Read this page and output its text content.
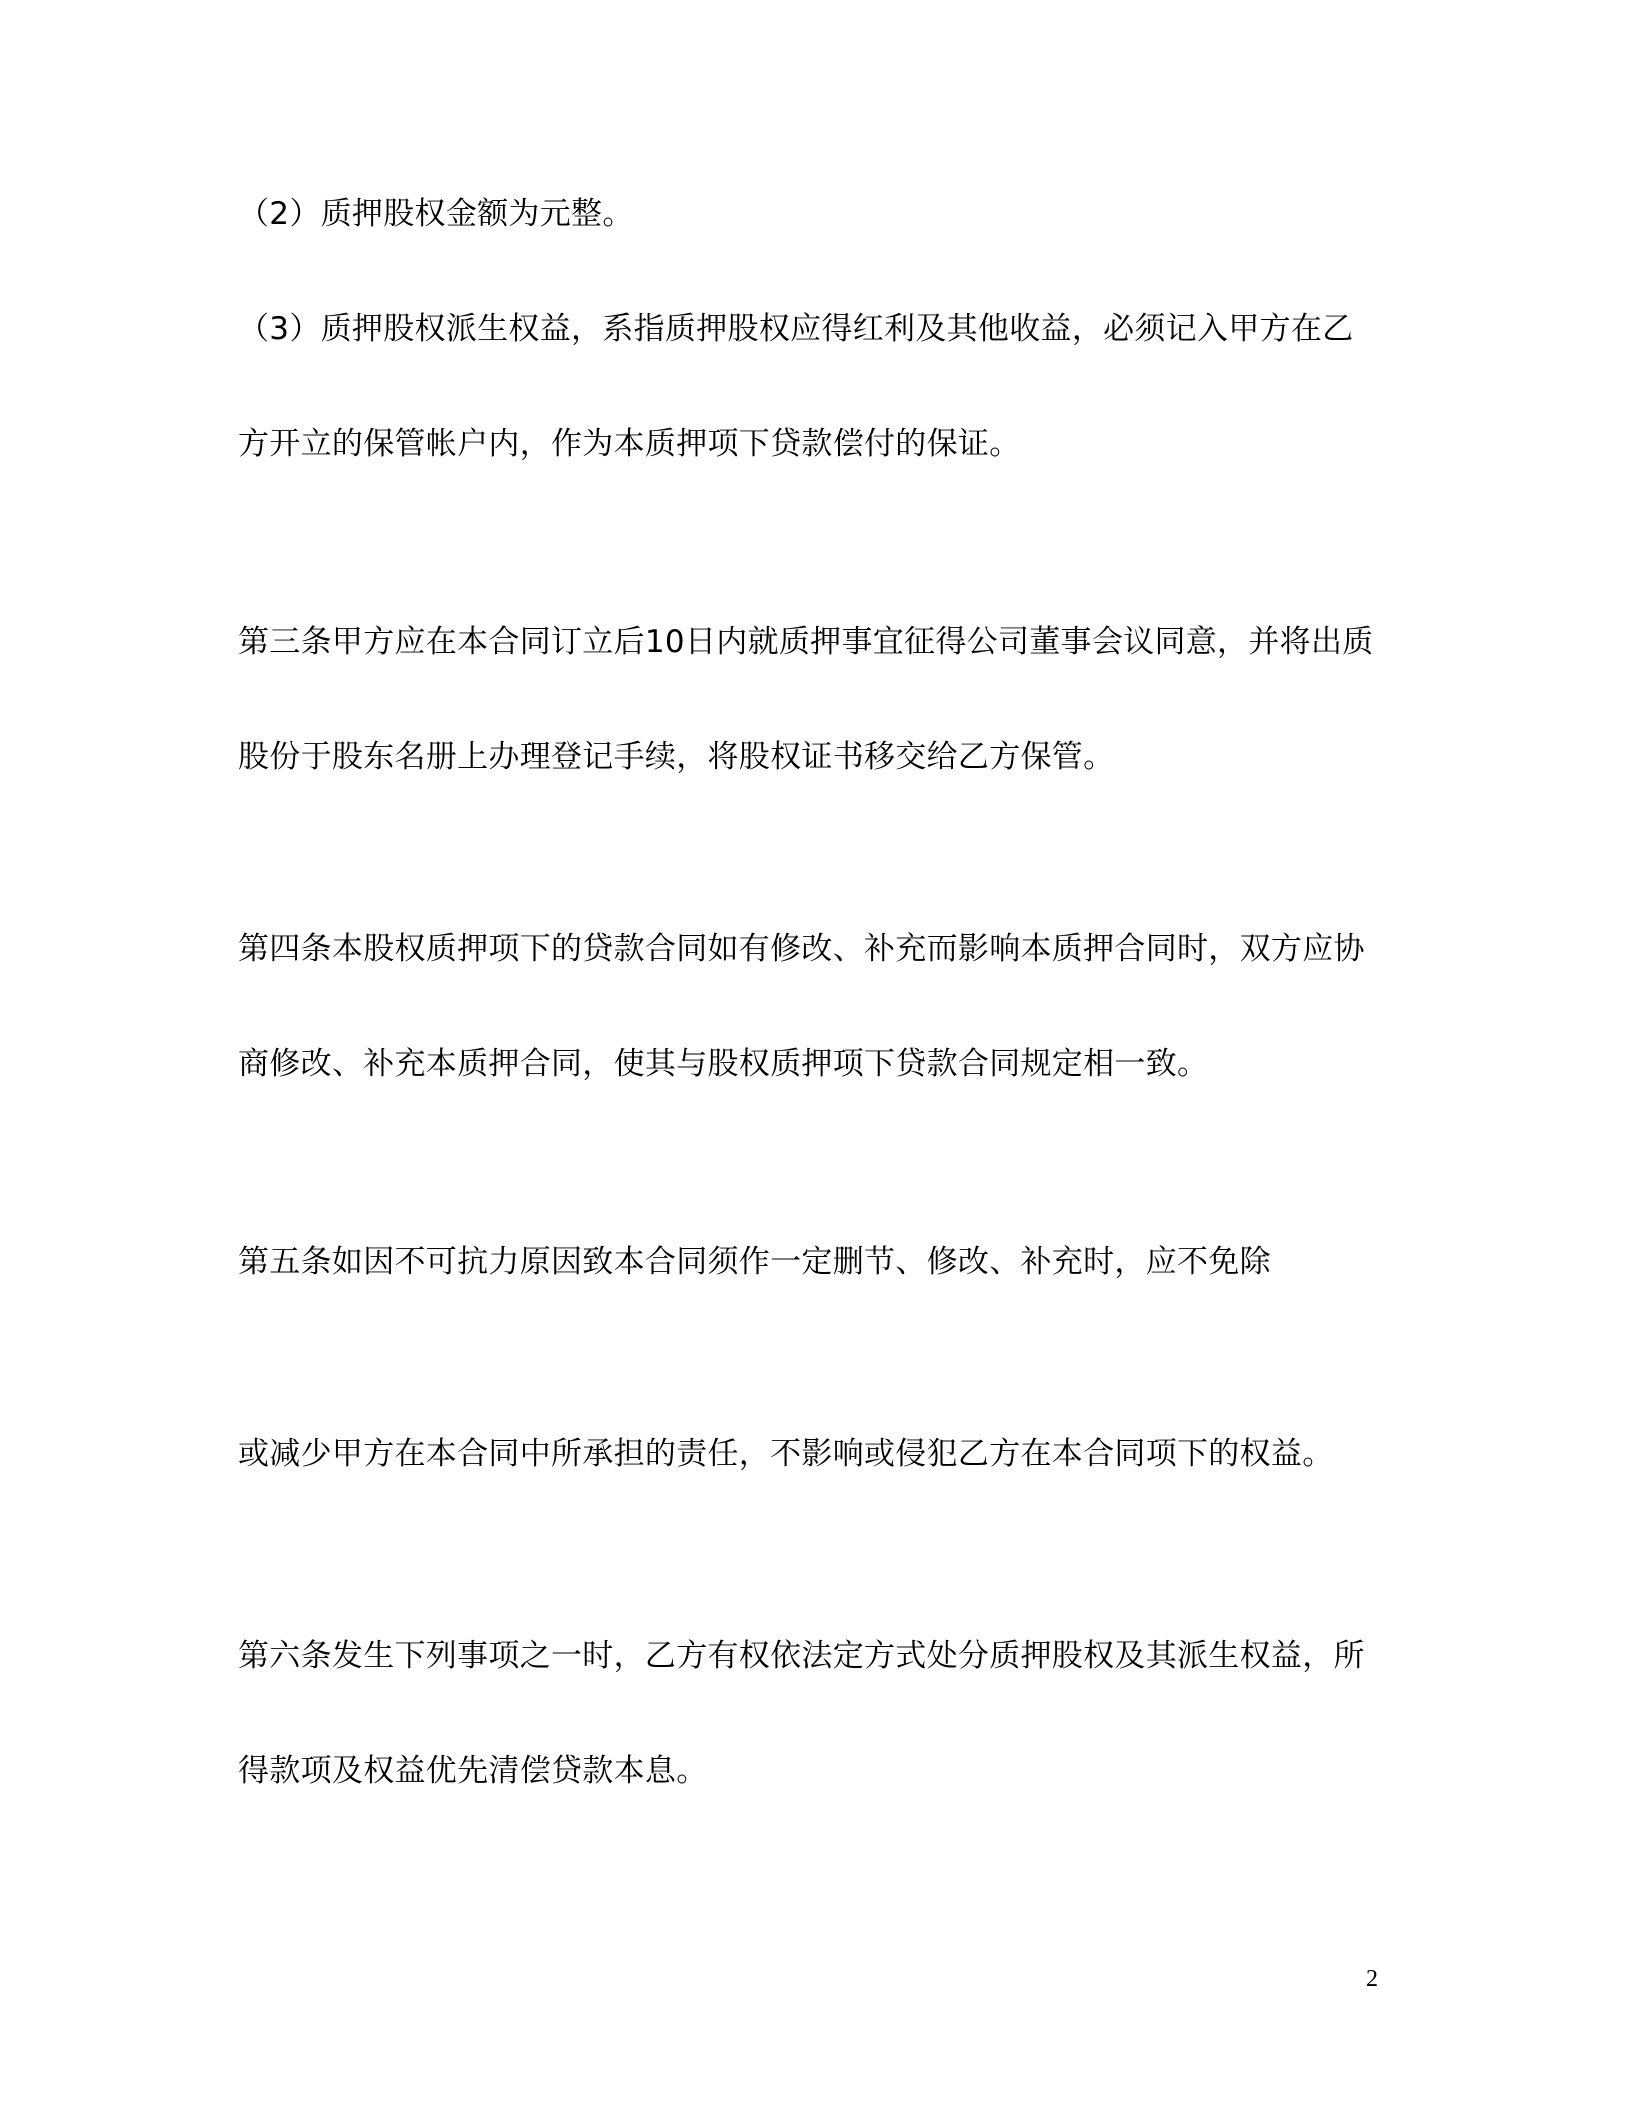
（2）质押股权金额为元整。
（3）质押股权派生权益，系指质押股权应得红利及其他收益，必须记入甲方在乙
方开立的保管帐户内，作为本质押项下贷款偿付的保证。
第三条甲方应在本合同订立后10日内就质押事宜征得公司董事会议同意，并将出质
股份于股东名册上办理登记手续，将股权证书移交给乙方保管。
第四条本股权质押项下的贷款合同如有修改、补充而影响本质押合同时，双方应协
商修改、补充本质押合同，使其与股权质押项下贷款合同规定相一致。
第五条如因不可抗力原因致本合同须作一定删节、修改、补充时，应不免除
或减少甲方在本合同中所承担的责任，不影响或侵犯乙方在本合同项下的权益。
第六条发生下列事项之一时，乙方有权依法定方式处分质押股权及其派生权益，所
得款项及权益优先清偿贷款本息。
2
